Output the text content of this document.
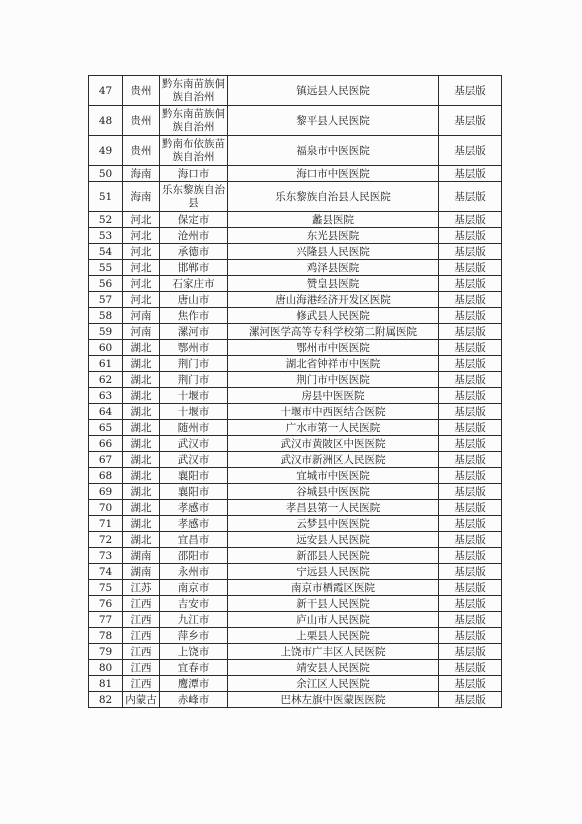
47	贵州	黔东南苗族侗族自治州	镇远县人民医院	基层版
48	贵州	黔东南苗族侗族自治州	黎平县人民医院	基层版
49	贵州	黔南布依族苗族自治州	福泉市中医医院	基层版
50	海南	海口市	海口市中医医院	基层版
51	海南	乐东黎族自治县	乐东黎族自治县人民医院	基层版
52	河北	保定市	蠡县医院	基层版
53	河北	沧州市	东光县医院	基层版
54	河北	承德市	兴隆县人民医院	基层版
55	河北	邯郸市	鸡泽县医院	基层版
56	河北	石家庄市	赞皇县医院	基层版
57	河北	唐山市	唐山海港经济开发区医院	基层版
58	河南	焦作市	修武县人民医院	基层版
59	河南	漯河市	漯河医学高等专科学校第二附属医院	基层版
60	湖北	鄂州市	鄂州市中医医院	基层版
61	湖北	荆门市	湖北省钟祥市中医院	基层版
62	湖北	荆门市	荆门市中医医院	基层版
63	湖北	十堰市	房县中医医院	基层版
64	湖北	十堰市	十堰市中西医结合医院	基层版
65	湖北	随州市	广水市第一人民医院	基层版
66	湖北	武汉市	武汉市黄陂区中医医院	基层版
67	湖北	武汉市	武汉市新洲区人民医院	基层版
68	湖北	襄阳市	宜城市中医医院	基层版
69	湖北	襄阳市	谷城县中医医院	基层版
70	湖北	孝感市	孝昌县第一人民医院	基层版
71	湖北	孝感市	云梦县中医医院	基层版
72	湖北	宜昌市	远安县人民医院	基层版
73	湖南	邵阳市	新邵县人民医院	基层版
74	湖南	永州市	宁远县人民医院	基层版
75	江苏	南京市	南京市栖霞区医院	基层版
76	江西	吉安市	新干县人民医院	基层版
77	江西	九江市	庐山市人民医院	基层版
78	江西	萍乡市	上栗县人民医院	基层版
79	江西	上饶市	上饶市广丰区人民医院	基层版
80	江西	宜春市	靖安县人民医院	基层版
81	江西	鹰潭市	余江区人民医院	基层版
82	内蒙古	赤峰市	巴林左旗中医蒙医医院	基层版
